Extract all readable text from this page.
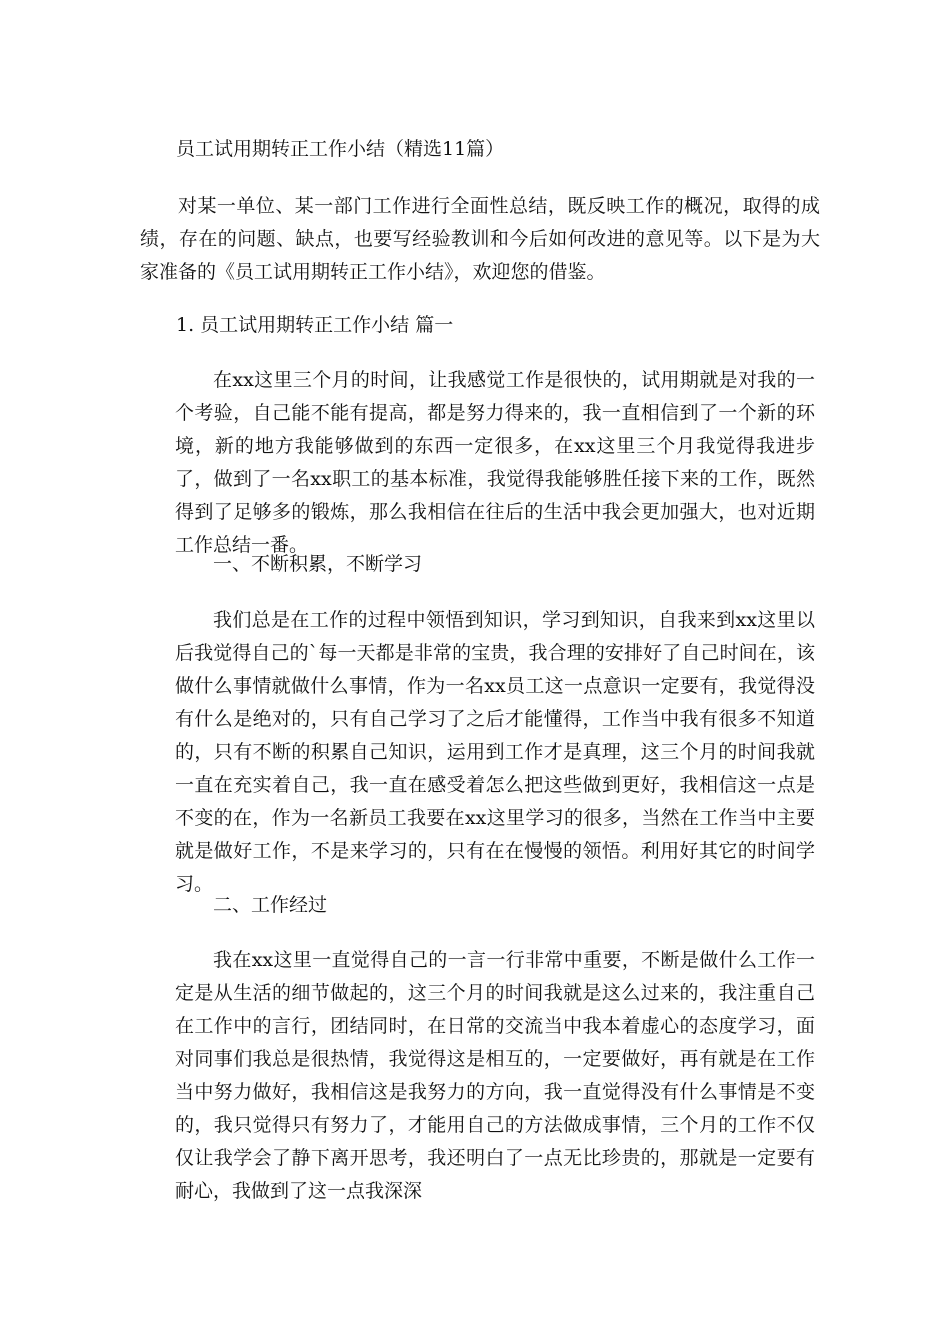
员工试用期转正工作小结（精选11篇）

对某一单位、某一部门工作进行全面性总结，既反映工作的概况，取得的成绩，存在的问题、缺点，也要写经验教训和今后如何改进的意见等。以下是为大家准备的《员工试用期转正工作小结》，欢迎您的借鉴。

1. 员工试用期转正工作小结 篇一

在xx这里三个月的时间，让我感觉工作是很快的，试用期就是对我的一个考验，自己能不能有提高，都是努力得来的，我一直相信到了一个新的环境，新的地方我能够做到的东西一定很多，在xx这里三个月我觉得我进步了，做到了一名xx职工的基本标准，我觉得我能够胜任接下来的工作，既然得到了足够多的锻炼，那么我相信在往后的生活中我会更加强大，也对近期工作总结一番。

一、不断积累，不断学习

我们总是在工作的过程中领悟到知识，学习到知识，自我来到xx这里以后我觉得自己的`每一天都是非常的宝贵，我合理的安排好了自己时间在，该做什么事情就做什么事情，作为一名xx员工这一点意识一定要有，我觉得没有什么是绝对的，只有自己学习了之后才能懂得，工作当中我有很多不知道的，只有不断的积累自己知识，运用到工作才是真理，这三个月的时间我就一直在充实着自己，我一直在感受着怎么把这些做到更好，我相信这一点是不变的在，作为一名新员工我要在xx这里学习的很多，当然在工作当中主要就是做好工作，不是来学习的，只有在在慢慢的领悟。利用好其它的时间学习。

二、工作经过

我在xx这里一直觉得自己的一言一行非常中重要，不断是做什么工作一定是从生活的细节做起的，这三个月的时间我就是这么过来的，我注重自己在工作中的言行，团结同时，在日常的交流当中我本着虚心的态度学习，面对同事们我总是很热情，我觉得这是相互的，一定要做好，再有就是在工作当中努力做好，我相信这是我努力的方向，我一直觉得没有什么事情是不变的，我只觉得只有努力了，才能用自己的方法做成事情，三个月的工作不仅仅让我学会了静下离开思考，我还明白了一点无比珍贵的，那就是一定要有耐心，我做到了这一点我深深
